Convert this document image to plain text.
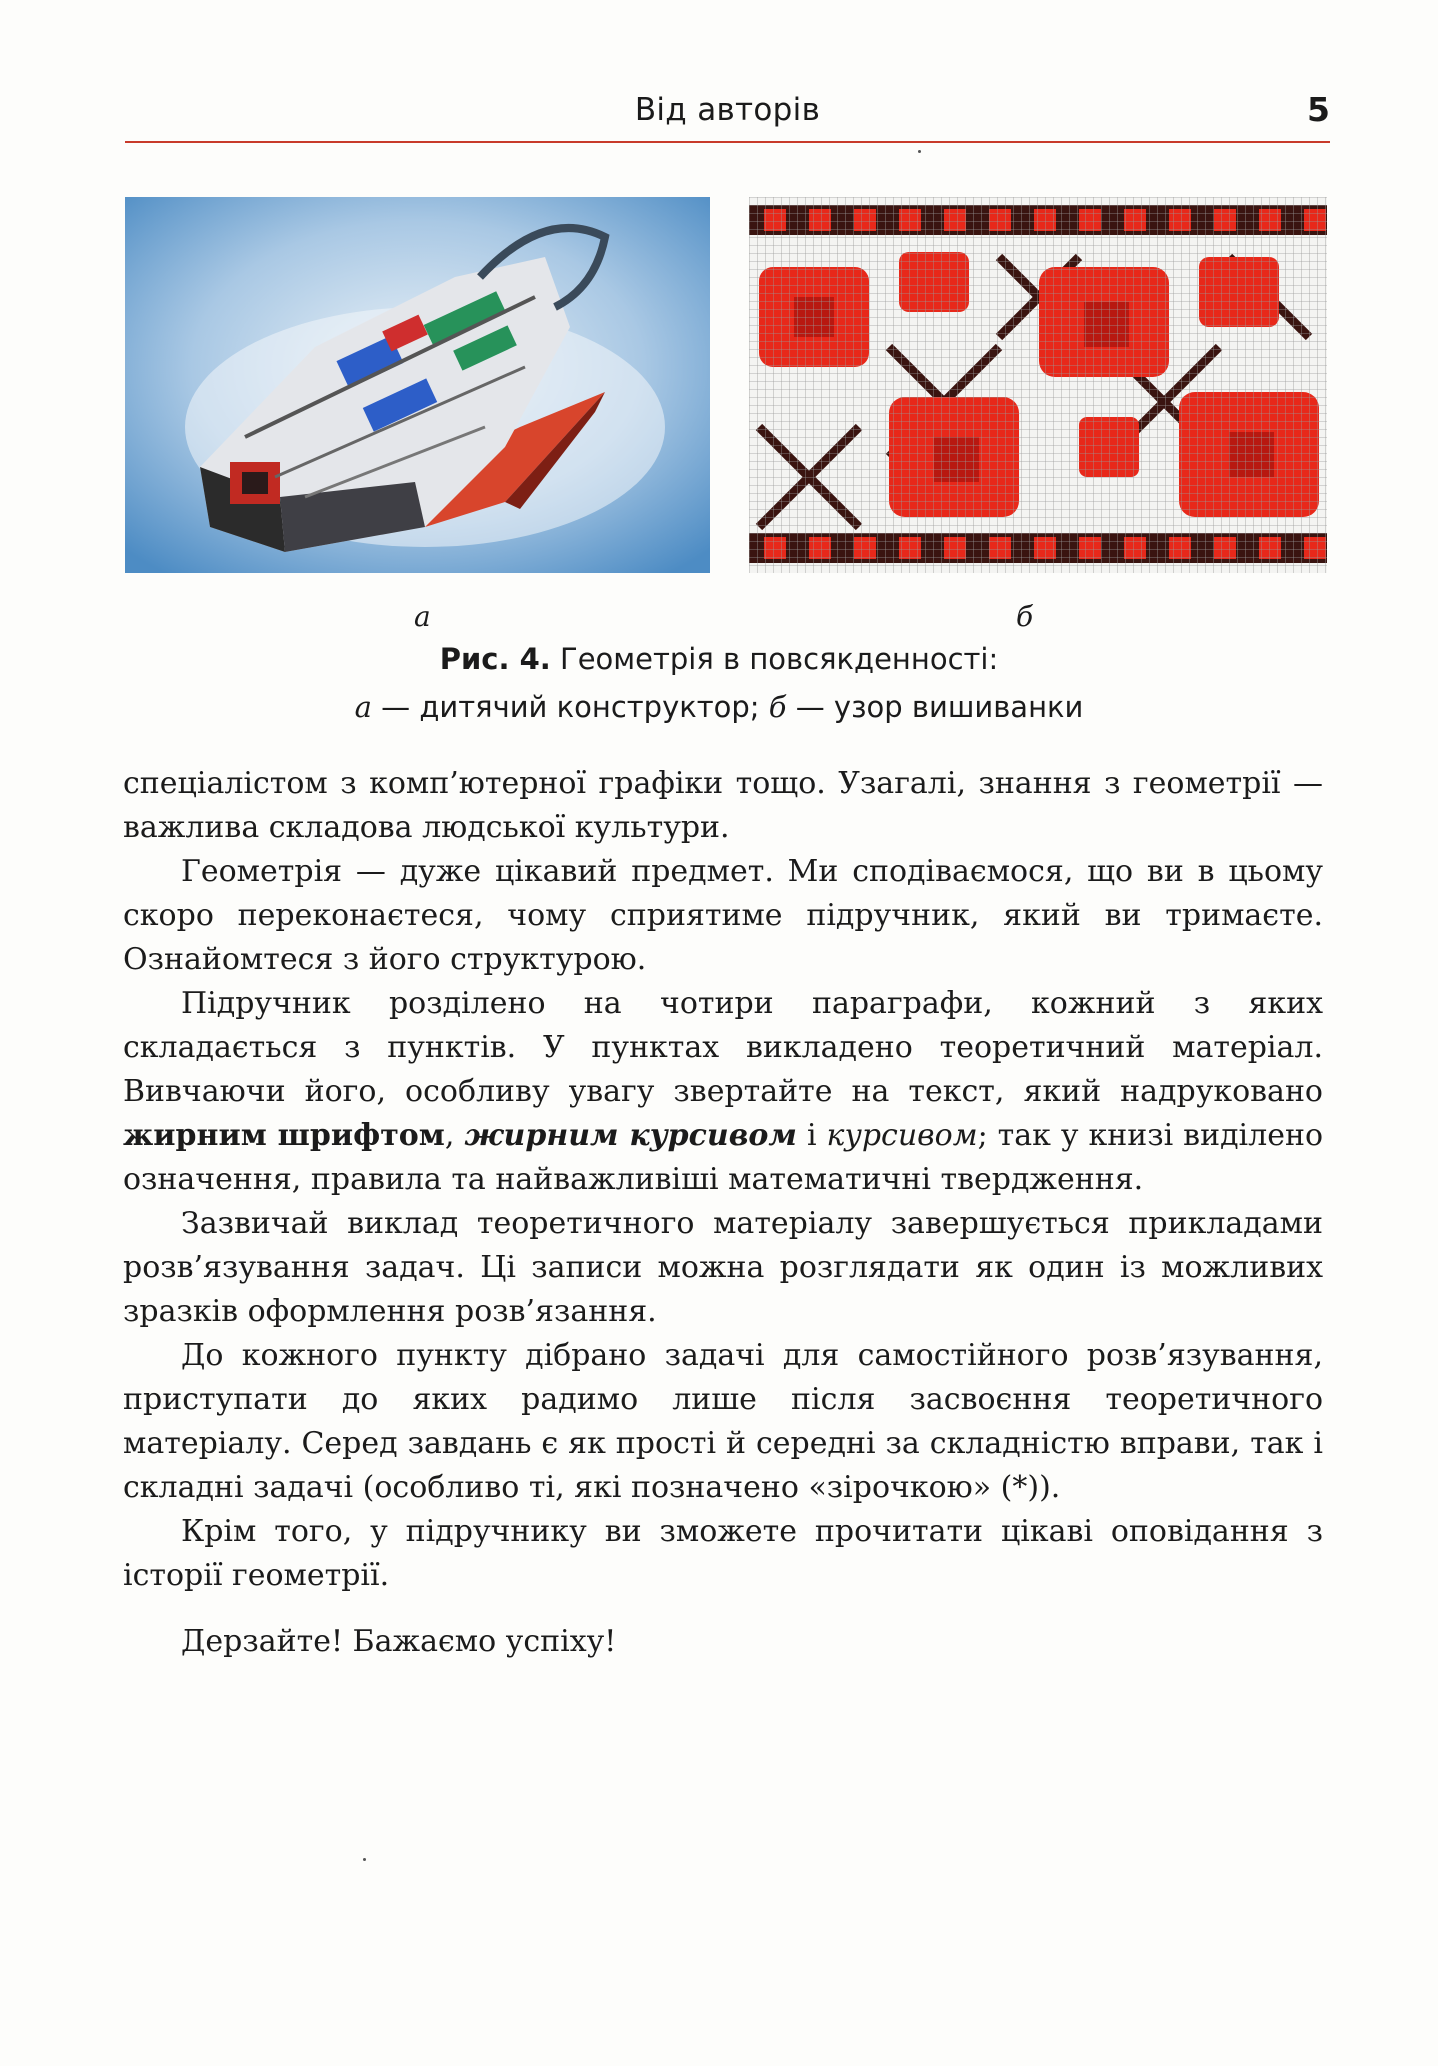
Від авторів	5
а	б
Рис. 4. Геометрія в повсякденності:
а — дитячий конструктор; б — узор вишиванки

спеціалістом з комп’ютерної графіки тощо. Узагалі, знання з геометрії — важлива складова людської культури.

Геометрія — дуже цікавий предмет. Ми сподіваємося, що ви в цьому скоро переконаєтеся, чому сприятиме підручник, який ви тримаєте. Ознайомтеся з його структурою.

Підручник розділено на чотири параграфи, кожний з яких складається з пунктів. У пунктах викладено теоретичний матеріал. Вивчаючи його, особливу увагу звертайте на текст, який надруковано жирним шрифтом, жирним курсивом і курсивом; так у книзі виділено означення, правила та найважливіші математичні твердження.

Зазвичай виклад теоретичного матеріалу завершується прикладами розв’язування задач. Ці записи можна розглядати як один із можливих зразків оформлення розв’язання.

До кожного пункту дібрано задачі для самостійного розв’язування, приступати до яких радимо лише після засвоєння теоретичного матеріалу. Серед завдань є як прості й середні за складністю вправи, так і складні задачі (особливо ті, які позначено «зірочкою» (*)).

Крім того, у підручнику ви зможете прочитати цікаві оповідання з історії геометрії.

Дерзайте! Бажаємо успіху!
